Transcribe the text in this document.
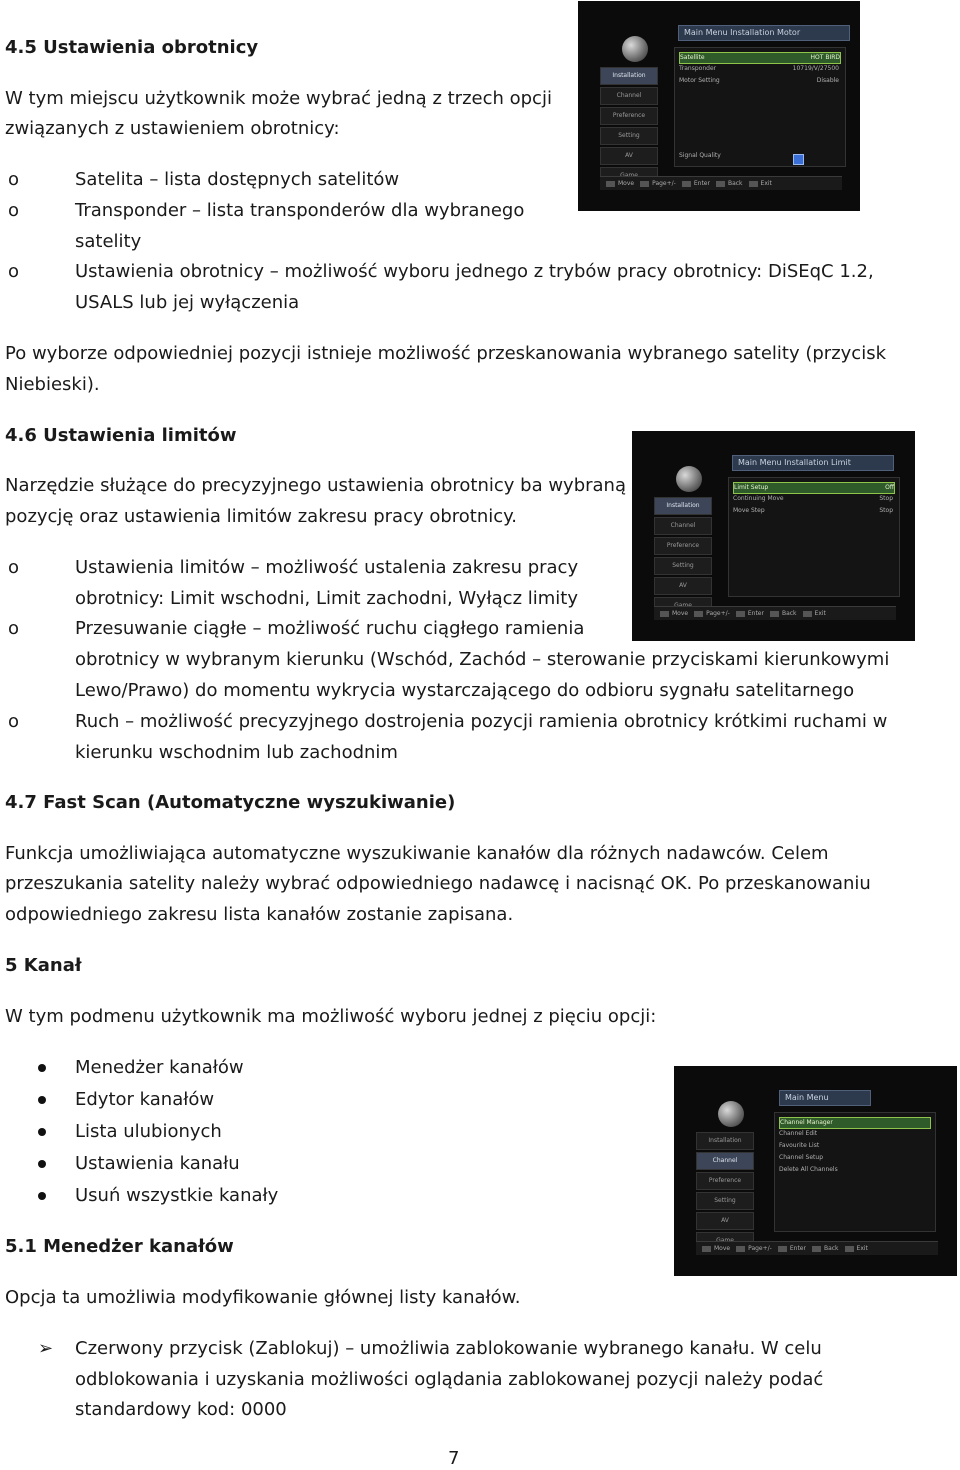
4.5 Ustawienia obrotnicy
W tym miejscu użytkownik może wybrać jedną z trzech opcji
związanych z ustawieniem obrotnicy:
o	Satelita – lista dostępnych satelitów
o	Transponder – lista transponderów dla wybranego
satelity
o	Ustawienia obrotnicy – możliwość wyboru jednego z trybów pracy obrotnicy: DiSEqC 1.2,
USALS lub jej wyłączenia
Po wyborze odpowiedniej pozycji istnieje możliwość przeskanowania wybranego satelity (przycisk
Niebieski).
Main Menu Installation Motor
Installation
Channel
Preference
Setting
AV
Satellite	HOT BIRD
Transponder	10719/V/27500
Motor Setting	Disable
Signal Quality
Move	Page+/-	Enter	Back	Exit
4.6 Ustawienia limitów
Narzędzie służące do precyzyjnego ustawienia obrotnicy ba wybraną
pozycję oraz ustawienia limitów zakresu pracy obrotnicy.
o	Ustawienia limitów – możliwość ustalenia zakresu pracy
obrotnicy: Limit wschodni, Limit zachodni, Wyłącz limity
o	Przesuwanie ciągłe – możliwość ruchu ciągłego ramienia
obrotnicy w wybranym kierunku (Wschód, Zachód – sterowanie przyciskami kierunkowymi
Lewo/Prawo) do momentu wykrycia wystarczającego do odbioru sygnału satelitarnego
o	Ruch – możliwość precyzyjnego dostrojenia pozycji ramienia obrotnicy krótkimi ruchami w
kierunku wschodnim lub zachodnim
Main Menu Installation Limit
Installation
Channel
Preference
Setting
AV
Limit Setup	Off
Continuing Move	Stop
Move Step	Stop
Move	Page+/-	Enter	Back	Exit
4.7 Fast Scan (Automatyczne wyszukiwanie)
Funkcja umożliwiająca automatyczne wyszukiwanie kanałów dla różnych nadawców. Celem
przeszukania satelity należy wybrać odpowiedniego nadawcę i nacisnąć OK. Po przeskanowaniu
odpowiedniego zakresu lista kanałów zostanie zapisana.
5 Kanał
W tym podmenu użytkownik ma możliwość wyboru jednej z pięciu opcji:
Menedżer kanałów
Edytor kanałów
Lista ulubionych
Ustawienia kanału
Usuń wszystkie kanały
Main Menu
Installation
Channel
Preference
Setting
AV
Channel Manager
Channel Edit
Favourite List
Channel Setup
Delete All Channels
Move	Page+/-	Enter	Back	Exit
5.1 Menedżer kanałów
Opcja ta umożliwia modyfikowanie głównej listy kanałów.
➢ Czerwony przycisk (Zablokuj) – umożliwia zablokowanie wybranego kanału. W celu
odblokowania i uzyskania możliwości oglądania zablokowanej pozycji należy podać
standardowy kod: 0000
7
